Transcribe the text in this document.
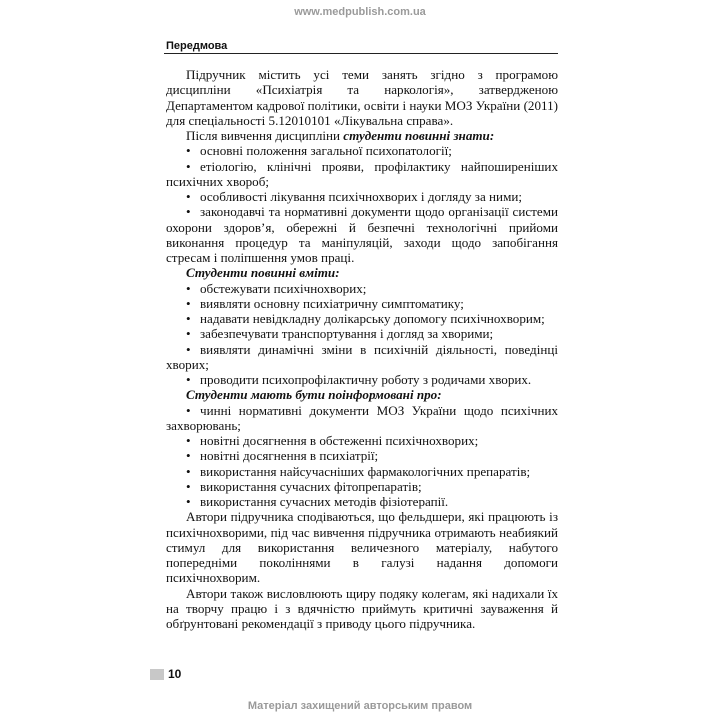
www.medpublish.com.ua
Передмова

Підручник містить усі теми занять згідно з програмою дисципліни «Психіатрія та наркологія», затвердженою Департаментом кадрової політики, освіти і науки МОЗ України (2011) для спеціальності 5.12010101 «Лікувальна справа».

Після вивчення дисципліни студенти повинні знати:

• основні положення загальної психопатології;

• етіологію, клінічні прояви, профілактику найпоширеніших психічних хвороб;

• особливості лікування психічнохворих і догляду за ними;

• законодавчі та нормативні документи щодо організації системи охорони здоров’я, обережні й безпечні технологічні прийоми виконання процедур та маніпуляцій, заходи щодо запобігання стресам і поліпшення умов праці.

Студенти повинні вміти:

• обстежувати психічнохворих;

• виявляти основну психіатричну симптоматику;

• надавати невідкладну долікарську допомогу психічнохворим;

• забезпечувати транспортування і догляд за хворими;

• виявляти динамічні зміни в психічній діяльності, поведінці хворих;

• проводити психопрофілактичну роботу з родичами хворих.

Студенти мають бути поінформовані про:

• чинні нормативні документи МОЗ України щодо психічних захворювань;

• новітні досягнення в обстеженні психічнохворих;

• новітні досягнення в психіатрії;

• використання найсучасніших фармакологічних препаратів;

• використання сучасних фітопрепаратів;

• використання сучасних методів фізіотерапії.

Автори підручника сподіваються, що фельдшери, які працюють із психічнохворими, під час вивчення підручника отримають неабиякий стимул для використання величезного матеріалу, набутого попередніми поколіннями в галузі надання допомоги психічнохворим.

Автори також висловлюють щиру подяку колегам, які надихали їх на творчу працю і з вдячністю приймуть критичні зауваження й обґрунтовані рекомендації з приводу цього підручника.

10
Матеріал захищений авторським правом
